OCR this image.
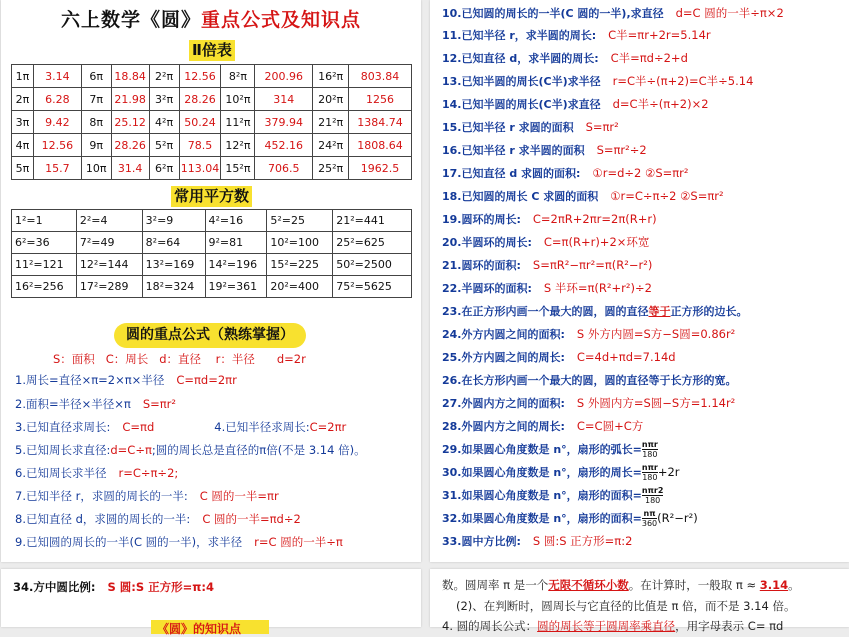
六上数学《圆》重点公式及知识点
Ⅱ倍表
1π	3.14	6π	18.84	2²π	12.56	8²π	200.96	16²π	803.84
2π	6.28	7π	21.98	3²π	28.26	10²π	314	20²π	1256
3π	9.42	8π	25.12	4²π	50.24	11²π	379.94	21²π	1384.74
4π	12.56	9π	28.26	5²π	78.5	12²π	452.16	24²π	1808.64
5π	15.7	10π	31.4	6²π	113.04	15²π	706.5	25²π	1962.5
常用平方数
1²=1	2²=4	3²=9	4²=16	5²=25	21²=441
6²=36	7²=49	8²=64	9²=81	10²=100	25²=625
11²=121	12²=144	13²=169	14²=196	15²=225	50²=2500
16²=256	17²=289	18²=324	19²=361	20²=400	75²=5625
圆的重点公式（熟练掌握）
S：面积   C：周长   d：直径    r：半径      d=2r
1.周长=直径×π=2×π×半径 C=πd=2πr
2.面积=半径×半径×π S=πr²
3.已知直径求周长: C=πd	4.已知半径求周长:C=2πr
5.已知周长求直径:d=C÷π;圆的周长总是直径的π倍(不是 3.14 倍)。
6.已知周长求半径 r=C÷π÷2;
7.已知半径 r，求圆的周长的一半: C 圆的一半=πr
8.已知直径 d，求圆的周长的一半: C 圆的一半=πd÷2
9.已知圆的周长的一半(C 圆的一半)，求半径 r=C 圆的一半÷π
10.已知圆的周长的一半(C 圆的一半),求直径 d=C 圆的一半÷π×2
11.已知半径 r，求半圆的周长: C半=πr+2r=5.14r
12.已知直径 d，求半圆的周长: C半=πd÷2+d
13.已知半圆的周长(C半)求半径 r=C半÷(π+2)=C半÷5.14
14.已知半圆的周长(C半)求直径 d=C半÷(π+2)×2
15.已知半径 r 求圆的面积 S=πr²
16.已知半径 r 求半圆的面积 S=πr²÷2
17.已知直径 d 求圆的面积: ①r=d÷2 ②S=πr²
18.已知圆的周长 C 求圆的面积 ①r=C÷π÷2 ②S=πr²
19.圆环的周长: C=2πR+2πr=2π(R+r)
20.半圆环的周长: C=π(R+r)+2×环宽
21.圆环的面积: S=πR²−πr²=π(R²−r²)
22.半圆环的面积: S 半环=π(R²+r²)÷2
23.在正方形内画一个最大的圆，圆的直径等于正方形的边长。
24.外方内圆之间的面积: S 外方内圆=S方−S圆=0.86r²
25.外方内圆之间的周长: C=4d+πd=7.14d
26.在长方形内画一个最大的圆，圆的直径等于长方形的宽。
27.外圆内方之间的面积: S 外圆内方=S圆−S方=1.14r²
28.外圆内方之间的周长: C=C圆+C方
29.如果圆心角度数是 n°，扇形的弧长= nπr
180
30.如果圆心角度数是 n°，扇形的周长= nπr
180 +2r
31.如果圆心角度数是 n°，扇形的面积= nπr2
180
32.如果圆心角度数是 n°，扇形的面积= $\frac{n\pi}{360} (R^2-r^2)$
33.圆中方比例: S 圆:S 正方形=π:2
34.方中圆比例: S 圆:S 正方形=π:4
《圆》的知识点
数。圆周率 π 是一个无限不循环小数。在计算时，一般取 π ≈ 3.14。
(2)、在判断时，圆周长与它直径的比值是 π 倍，而不是 3.14 倍。
4. 圆的周长公式：圆的周长等于圆周率乘直径，用字母表示 C= πd
